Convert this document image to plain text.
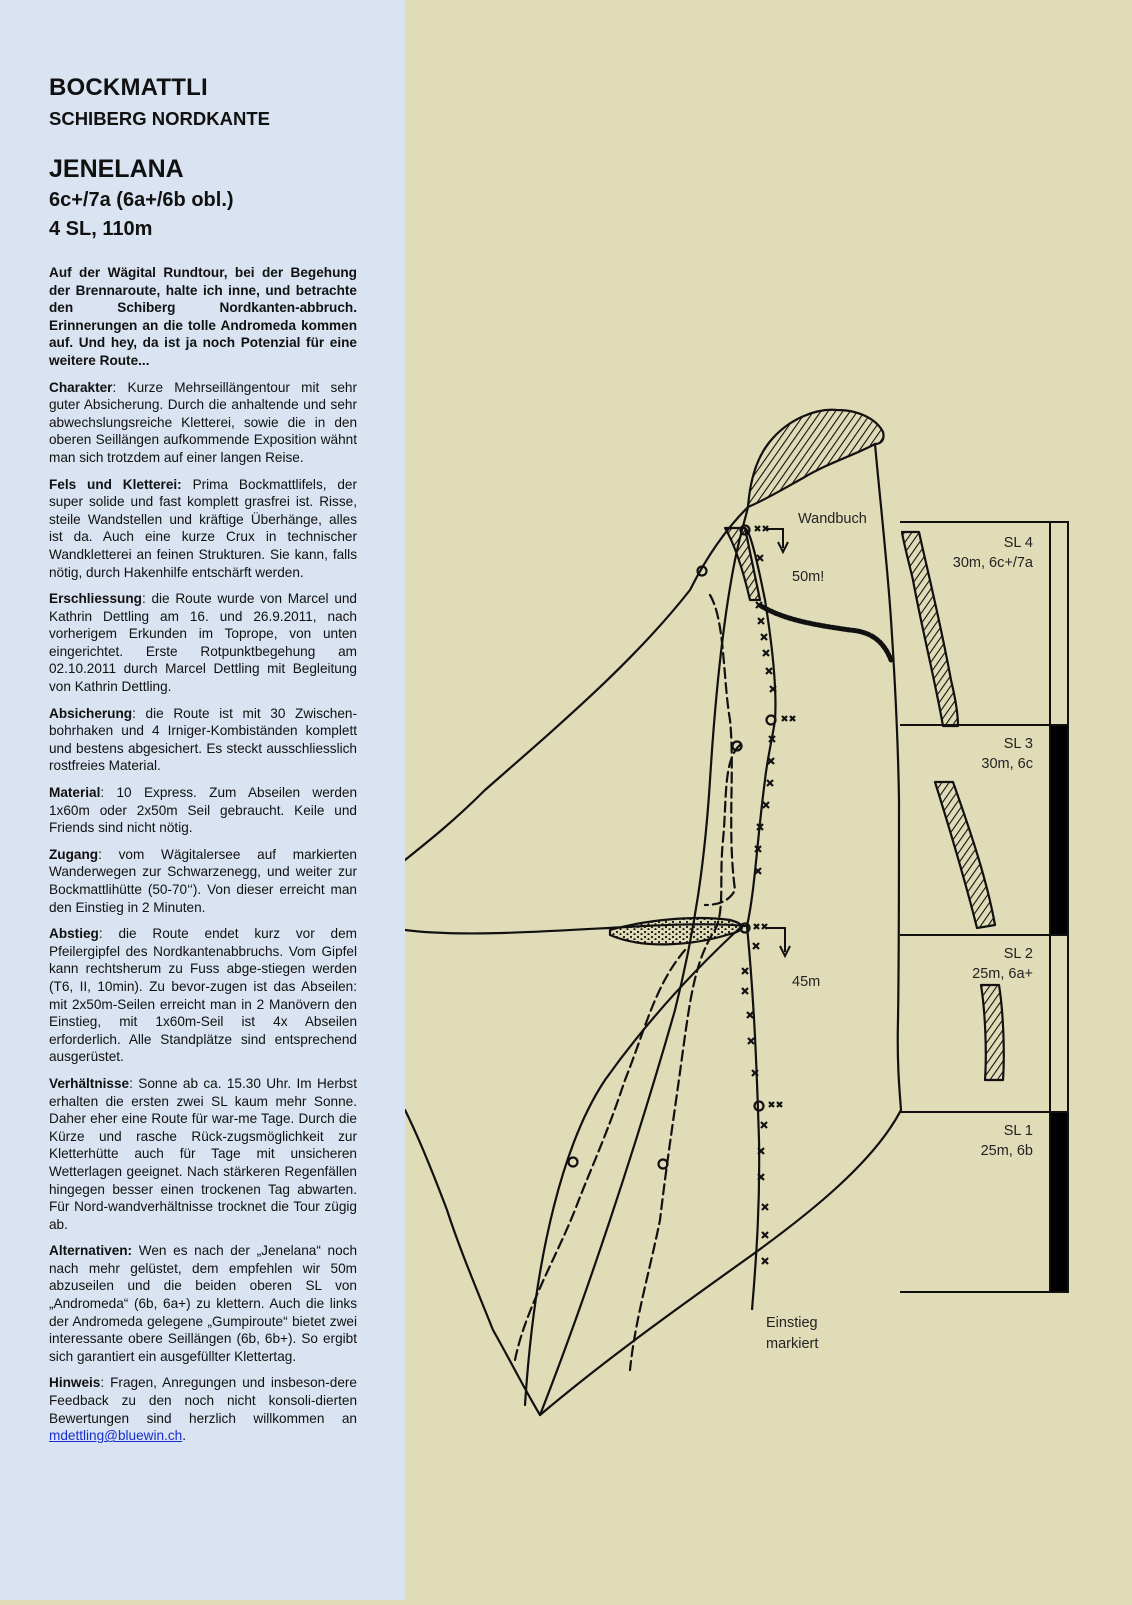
BOCKMATTLI
SCHIBERG NORDKANTE
JENELANA
6c+/7a (6a+/6b obl.)
4 SL, 110m

Auf der Wägital Rundtour, bei der Begehung der Brennaroute, halte ich inne, und betrachte den Schiberg Nordkanten-abbruch. Erinnerungen an die tolle Andromeda kommen auf. Und hey, da ist ja noch Potenzial für eine weitere Route...

Charakter: Kurze Mehrseillängentour mit sehr guter Absicherung. Durch die anhaltende und sehr abwechslungsreiche Kletterei, sowie die in den oberen Seillängen aufkommende Exposition wähnt man sich trotzdem auf einer langen Reise.

Fels und Kletterei: Prima Bockmattlifels, der super solide und fast komplett grasfrei ist. Risse, steile Wandstellen und kräftige Überhänge, alles ist da. Auch eine kurze Crux in technischer Wandkletterei an feinen Strukturen. Sie kann, falls nötig, durch Hakenhilfe entschärft werden.

Erschliessung: die Route wurde von Marcel und Kathrin Dettling am 16. und 26.9.2011, nach vorherigem Erkunden im Toprope, von unten eingerichtet. Erste Rotpunktbegehung am 02.10.2011 durch Marcel Dettling mit Begleitung von Kathrin Dettling.

Absicherung: die Route ist mit 30 Zwischen-bohrhaken und 4 Irniger-Kombiständen komplett und bestens abgesichert. Es steckt ausschliesslich rostfreies Material.

Material: 10 Express. Zum Abseilen werden 1x60m oder 2x50m Seil gebraucht. Keile und Friends sind nicht nötig.

Zugang: vom Wägitalersee auf markierten Wanderwegen zur Schwarzenegg, und weiter zur Bockmattlihütte (50-70‘‘). Von dieser erreicht man den Einstieg in 2 Minuten.

Abstieg: die Route endet kurz vor dem Pfeilergipfel des Nordkantenabbruchs. Vom Gipfel kann rechtsherum zu Fuss abge-stiegen werden (T6, II, 10min). Zu bevor-zugen ist das Abseilen: mit 2x50m-Seilen erreicht man in 2 Manövern den Einstieg, mit 1x60m-Seil ist 4x Abseilen erforderlich. Alle Standplätze sind entsprechend ausgerüstet.

Verhältnisse: Sonne ab ca. 15.30 Uhr. Im Herbst erhalten die ersten zwei SL kaum mehr Sonne. Daher eher eine Route für war-me Tage. Durch die Kürze und rasche Rück-zugsmöglichkeit zur Kletterhütte auch für Tage mit unsicheren Wetterlagen geeignet. Nach stärkeren Regenfällen hingegen besser einen trockenen Tag abwarten. Für Nord-wandverhältnisse trocknet die Tour zügig ab.

Alternativen: Wen es nach der „Jenelana“ noch nach mehr gelüstet, dem empfehlen wir 50m abzuseilen und die beiden oberen SL von „Andromeda“ (6b, 6a+) zu klettern. Auch die links der Andromeda gelegene „Gumpiroute“ bietet zwei interessante obere Seillängen (6b, 6b+). So ergibt sich garantiert ein ausgefüllter Klettertag.

Hinweis: Fragen, Anregungen und insbeson-dere Feedback zu den noch nicht konsoli-dierten Bewertungen sind herzlich willkommen an mdettling@bluewin.ch.

Wandbuch
50m!
45m
Einstieg
markiert
SL 4
30m, 6c+/7a
SL 3
30m, 6c
SL 2
25m, 6a+
SL 1
25m, 6b
